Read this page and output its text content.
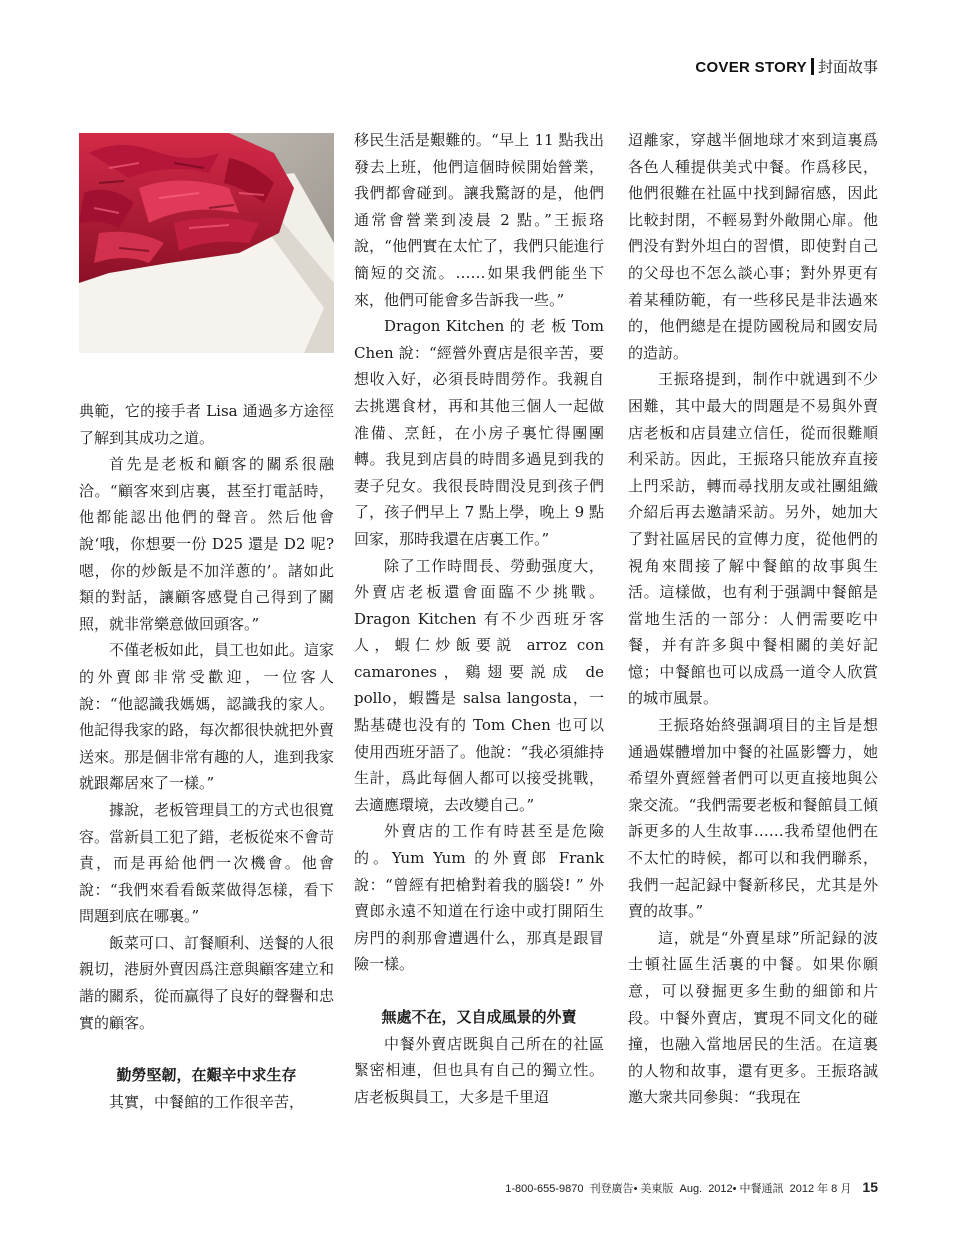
COVER STORY 封面故事

典範，它的接手者 Lisa 通過多方途徑了解到其成功之道。

首先是老板和顧客的關系很融洽。“顧客來到店裏，甚至打電話時，他都能認出他們的聲音。然后他會說‘哦，你想要一份 D25 還是 D2 呢? 嗯，你的炒飯是不加洋蔥的’。諸如此類的對話，讓顧客感覺自己得到了關照，就非常樂意做回頭客。”

不僅老板如此，員工也如此。這家的外賣郎非常受歡迎，一位客人說：“他認識我媽媽，認識我的家人。他記得我家的路，每次都很快就把外賣送來。那是個非常有趣的人，進到我家就跟鄰居來了一樣。”

據說，老板管理員工的方式也很寬容。當新員工犯了錯，老板從來不會苛責，而是再給他們一次機會。他會說：“我們來看看飯菜做得怎樣，看下問題到底在哪裏。”

飯菜可口、訂餐順利、送餐的人很親切，港厨外賣因爲注意與顧客建立和諧的關系，從而赢得了良好的聲譽和忠實的顧客。

勤勞堅韌，在艱辛中求生存

其實，中餐館的工作很辛苦，

移民生活是艱難的。“早上 11 點我出發去上班，他們這個時候開始營業，我們都會碰到。讓我驚訝的是，他們通常會營業到凌晨 2 點。”王振珞說，“他們實在太忙了，我們只能進行簡短的交流。……如果我們能坐下來，他們可能會多告訴我一些。”

Dragon Kitchen 的 老 板 Tom Chen 說：“經營外賣店是很辛苦，要想收入好，必須長時間勞作。我親自去挑選食材，再和其他三個人一起做准備、烹飪，在小房子裏忙得團團轉。我見到店員的時間多過見到我的妻子兒女。我很長時間没見到孩子們了，孩子們早上 7 點上學，晚上 9 點回家，那時我還在店裏工作。”

除了工作時間長、勞動强度大，外賣店老板還會面臨不少挑戰。Dragon Kitchen 有不少西班牙客人，蝦仁炒飯要説 arroz con camarones，鷄翅要説成 de pollo，蝦醬是 salsa langosta，一點基礎也没有的 Tom Chen 也可以使用西班牙語了。他說：“我必須維持生計，爲此每個人都可以接受挑戰，去適應環境，去改變自己。”

外賣店的工作有時甚至是危險的。Yum Yum 的外賣郎 Frank 說：“曾經有把槍對着我的腦袋! ” 外賣郎永遠不知道在行途中或打開陌生房門的刹那會遭遇什么，那真是跟冒險一樣。

無處不在，又自成風景的外賣

中餐外賣店既與自己所在的社區緊密相連，但也具有自己的獨立性。店老板與員工，大多是千里迢

迢離家，穿越半個地球才來到這裏爲各色人種提供美式中餐。作爲移民，他們很難在社區中找到歸宿感，因此比較封閉，不輕易對外敞開心扉。他們没有對外坦白的習慣，即使對自己的父母也不怎么談心事；對外界更有着某種防範，有一些移民是非法過來的，他們總是在提防國稅局和國安局的造訪。

王振珞提到，制作中就遇到不少困難，其中最大的問題是不易與外賣店老板和店員建立信任，從而很難順利采訪。因此，王振珞只能放弃直接上門采訪，轉而尋找朋友或社團組織介紹后再去邀請采訪。另外，她加大了對社區居民的宣傳力度，從他們的視角來間接了解中餐館的故事與生活。這樣做，也有利于强調中餐館是當地生活的一部分：人們需要吃中餐，并有許多與中餐相關的美好記憶；中餐館也可以成爲一道令人欣賞的城市風景。

王振珞始終强調項目的主旨是想通過媒體增加中餐的社區影響力，她希望外賣經營者們可以更直接地與公衆交流。“我們需要老板和餐館員工傾訴更多的人生故事……我希望他們在不太忙的時候，都可以和我們聯系，我們一起記録中餐新移民，尤其是外賣的故事。”

這，就是“外賣星球”所記録的波士頓社區生活裏的中餐。如果你願意，可以發掘更多生動的細節和片段。中餐外賣店，實現不同文化的碰撞，也融入當地居民的生活。在這裏的人物和故事，還有更多。王振珞誠邀大衆共同參與：“我現在

1-800-655-9870 刊登廣告• 美東版 Aug. 2012• 中餐通訊 2012 年 8 月 15
